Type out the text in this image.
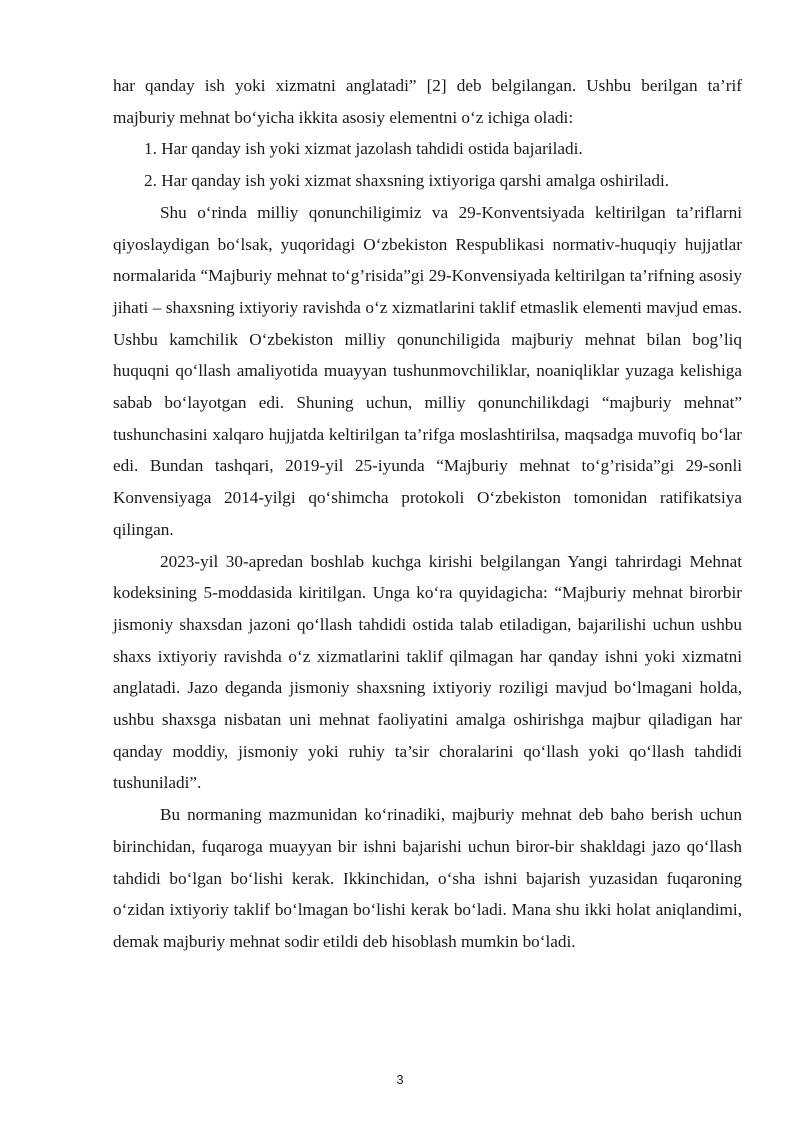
har qanday ish yoki xizmatni anglatadi” [2] deb belgilangan. Ushbu berilgan ta’rif majburiy mehnat bo‘yicha ikkita asosiy elementni o‘z ichiga oladi:

1. Har qanday ish yoki xizmat jazolash tahdidi ostida bajariladi.

2. Har qanday ish yoki xizmat shaxsning ixtiyoriga qarshi amalga oshiriladi.

Shu o‘rinda milliy qonunchiligimiz va 29-Konventsiyada keltirilgan ta’riflarni qiyoslaydigan bo‘lsak, yuqoridagi O‘zbekiston Respublikasi normativ-huquqiy hujjatlar normalarida “Majburiy mehnat to‘g’risida”gi 29-Konvensiyada keltirilgan ta’rifning asosiy jihati – shaxsning ixtiyoriy ravishda o‘z xizmatlarini taklif etmaslik elementi mavjud emas. Ushbu kamchilik O‘zbekiston milliy qonunchiligida majburiy mehnat bilan bog’liq huquqni qo‘llash amaliyotida muayyan tushunmovchiliklar, noaniqliklar yuzaga kelishiga sabab bo‘layotgan edi. Shuning uchun, milliy qonunchilikdagi “majburiy mehnat” tushunchasini xalqaro hujjatda keltirilgan ta’rifga moslashtirilsa, maqsadga muvofiq bo‘lar edi. Bundan tashqari, 2019-yil 25-iyunda “Majburiy mehnat to‘g’risida”gi 29-sonli Konvensiyaga 2014-yilgi qo‘shimcha protokoli O‘zbekiston tomonidan ratifikatsiya qilingan.

2023-yil 30-apredan boshlab kuchga kirishi belgilangan Yangi tahrirdagi Mehnat kodeksining 5-moddasida kiritilgan. Unga ko‘ra quyidagicha: “Majburiy mehnat birorbir jismoniy shaxsdan jazoni qo‘llash tahdidi ostida talab etiladigan, bajarilishi uchun ushbu shaxs ixtiyoriy ravishda o‘z xizmatlarini taklif qilmagan har qanday ishni yoki xizmatni anglatadi. Jazo deganda jismoniy shaxsning ixtiyoriy roziligi mavjud bo‘lmagani holda, ushbu shaxsga nisbatan uni mehnat faoliyatini amalga oshirishga majbur qiladigan har qanday moddiy, jismoniy yoki ruhiy ta’sir choralarini qo‘llash yoki qo‘llash tahdidi tushuniladi”.

Bu normaning mazmunidan ko‘rinadiki, majburiy mehnat deb baho berish uchun birinchidan, fuqaroga muayyan bir ishni bajarishi uchun biror-bir shakldagi jazo qo‘llash tahdidi bo‘lgan bo‘lishi kerak. Ikkinchidan, o‘sha ishni bajarish yuzasidan fuqaroning o‘zidan ixtiyoriy taklif bo‘lmagan bo‘lishi kerak bo‘ladi. Mana shu ikki holat aniqlandimi, demak majburiy mehnat sodir etildi deb hisoblash mumkin bo‘ladi.

3
